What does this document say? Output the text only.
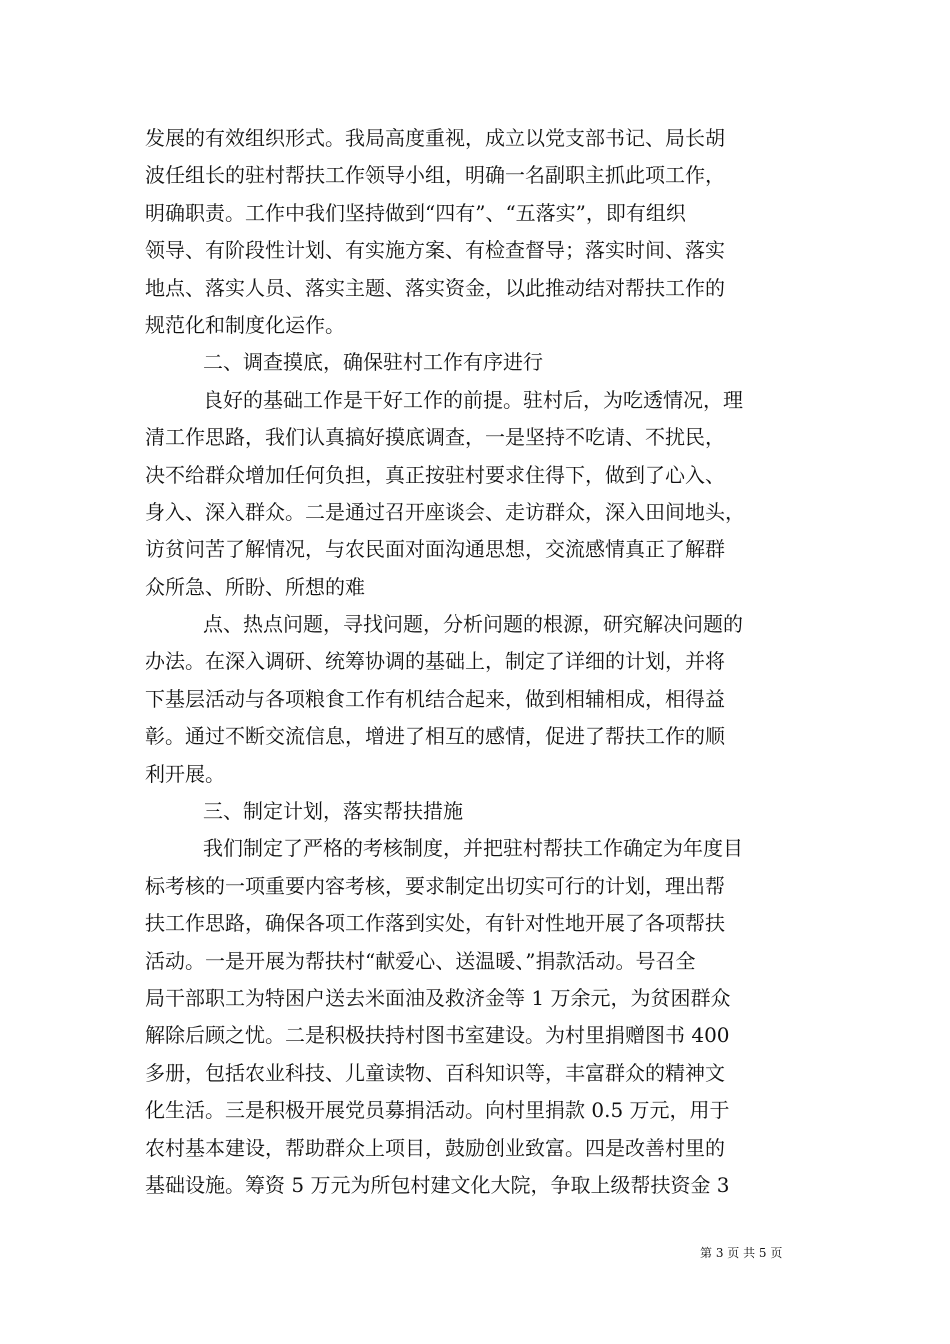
发展的有效组织形式。我局高度重视，成立以党支部书记、局长胡
波任组长的驻村帮扶工作领导小组，明确一名副职主抓此项工作，
明确职责。工作中我们坚持做到“四有”、“五落实”，即有组织
领导、有阶段性计划、有实施方案、有检查督导；落实时间、落实
地点、落实人员、落实主题、落实资金，以此推动结对帮扶工作的
规范化和制度化运作。
二、调查摸底，确保驻村工作有序进行
良好的基础工作是干好工作的前提。驻村后，为吃透情况，理
清工作思路，我们认真搞好摸底调查，一是坚持不吃请、不扰民，
决不给群众增加任何负担，真正按驻村要求住得下，做到了心入、
身入、深入群众。二是通过召开座谈会、走访群众，深入田间地头，
访贫问苦了解情况，与农民面对面沟通思想，交流感情真正了解群
众所急、所盼、所想的难
点、热点问题，寻找问题，分析问题的根源，研究解决问题的
办法。在深入调研、统筹协调的基础上，制定了详细的计划，并将
下基层活动与各项粮食工作有机结合起来，做到相辅相成，相得益
彰。通过不断交流信息，增进了相互的感情，促进了帮扶工作的顺
利开展。
三、制定计划，落实帮扶措施
我们制定了严格的考核制度，并把驻村帮扶工作确定为年度目
标考核的一项重要内容考核，要求制定出切实可行的计划，理出帮
扶工作思路，确保各项工作落到实处，有针对性地开展了各项帮扶
活动。一是开展为帮扶村“献爱心、送温暖、”捐款活动。号召全
局干部职工为特困户送去米面油及救济金等 1 万余元，为贫困群众
解除后顾之忧。二是积极扶持村图书室建设。为村里捐赠图书 400
多册，包括农业科技、儿童读物、百科知识等，丰富群众的精神文
化生活。三是积极开展党员募捐活动。向村里捐款 0.5 万元，用于
农村基本建设，帮助群众上项目，鼓励创业致富。四是改善村里的
基础设施。筹资 5 万元为所包村建文化大院，争取上级帮扶资金 3
第 3 页 共 5 页
